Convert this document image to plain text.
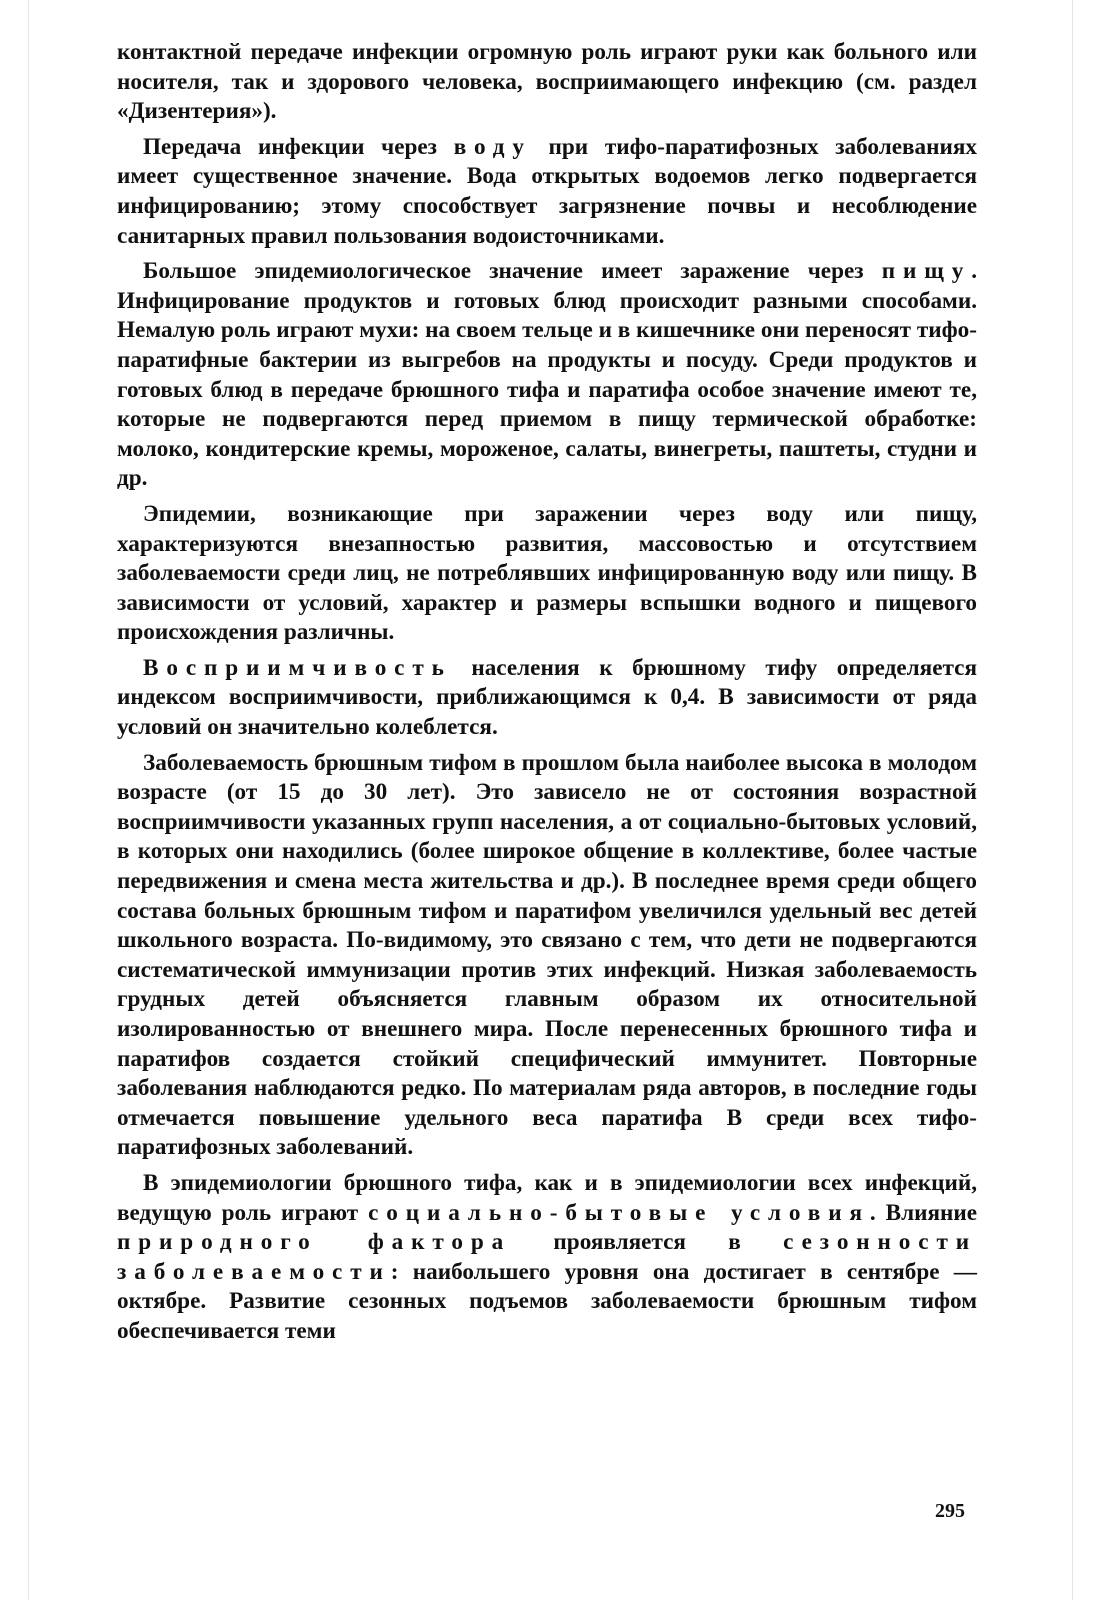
контактной передаче инфекции огромную роль играют руки как больного или носителя, так и здорового человека, восприимающего инфекцию (см. раздел «Дизентерия»).

Передача инфекции через воду при тифо-паратифозных заболеваниях имеет существенное значение. Вода открытых водоемов легко подвергается инфицированию; этому способствует загрязнение почвы и несоблюдение санитарных правил пользования водоисточниками.

Большое эпидемиологическое значение имеет заражение через пищу. Инфицирование продуктов и готовых блюд происходит разными способами. Немалую роль играют мухи: на своем тельце и в кишечнике они переносят тифо-паратифные бактерии из выгребов на продукты и посуду. Среди продуктов и готовых блюд в передаче брюшного тифа и паратифа особое значение имеют те, которые не подвергаются перед приемом в пищу термической обработке: молоко, кондитерские кремы, мороженое, салаты, винегреты, паштеты, студни и др.

Эпидемии, возникающие при заражении через воду или пищу, характеризуются внезапностью развития, массовостью и отсутствием заболеваемости среди лиц, не потреблявших инфицированную воду или пищу. В зависимости от условий, характер и размеры вспышки водного и пищевого происхождения различны.

Восприимчивость населения к брюшному тифу определяется индексом восприимчивости, приближающимся к 0,4. В зависимости от ряда условий он значительно колеблется.

Заболеваемость брюшным тифом в прошлом была наиболее высока в молодом возрасте (от 15 до 30 лет). Это зависело не от состояния возрастной восприимчивости указанных групп населения, а от социально-бытовых условий, в которых они находились (более широкое общение в коллективе, более частые передвижения и смена места жительства и др.). В последнее время среди общего состава больных брюшным тифом и паратифом увеличился удельный вес детей школьного возраста. По-видимому, это связано с тем, что дети не подвергаются систематической иммунизации против этих инфекций. Низкая заболеваемость грудных детей объясняется главным образом их относительной изолированностью от внешнего мира. После перенесенных брюшного тифа и паратифов создается стойкий специфический иммунитет. Повторные заболевания наблюдаются редко. По материалам ряда авторов, в последние годы отмечается повышение удельного веса паратифа В среди всех тифо-паратифозных заболеваний.

В эпидемиологии брюшного тифа, как и в эпидемиологии всех инфекций, ведущую роль играют социально-бытовые условия. Влияние природного фактора проявляется в сезонности заболеваемости: наибольшего уровня она достигает в сентябре — октябре. Развитие сезонных подъемов заболеваемости брюшным тифом обеспечивается теми

295
